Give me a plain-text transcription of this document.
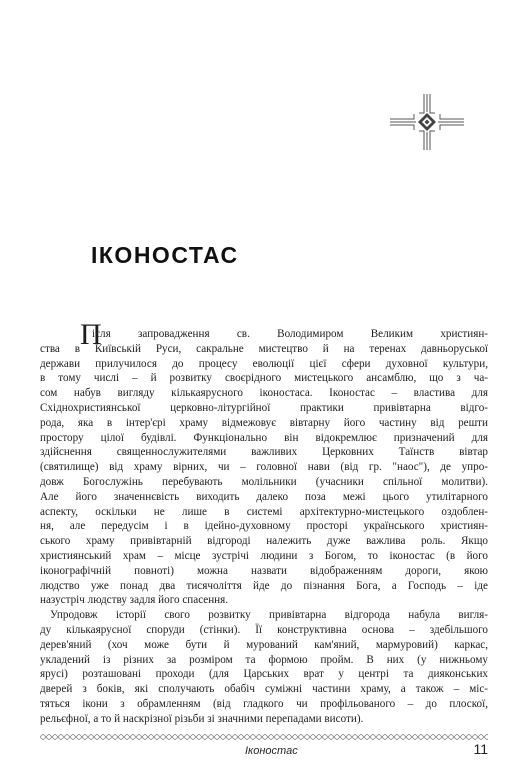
ІКОНОСТАС

П
ісля запровадження св. Володимиром Великим християн-
ства в Київській Руси, сакральне мистецтво й на теренах давньоруської
держави прилучилося до процесу еволюції цієї сфери духовної культури,
в тому числі – й розвитку своєрідного мистецького ансамблю, що з ча-
сом набув вигляду кількаярусного іконостаса. Іконостас – властива для
Східнохристиянської церковно-літургійної практики привівтарна відго-
рода, яка в інтер'єрі храму відмежовує вівтарну його частину від решти
простору цілої будівлі. Функціонально він відокремлює призначений для
здійснення священнослужителями важливих Церковних Таїнств вівтар
(святилище) від храму вірних, чи – головної нави (від гр. "наос"), де упро-
довж Богослужінь перебувають молільники (учасники спільної молитви).
Але його значеннєвість виходить далеко поза межі цього утилітарного
аспекту, оскільки не лише в системі архітектурно-мистецького оздоблен-
ня, але передусім і в ідейно-духовному просторі українського християн-
ського храму привівтарній відгороді належить дуже важлива роль. Якщо
християнський храм – місце зустрічі людини з Богом, то іконостас (в його
іконографічній повноті) можна назвати відображенням дороги, якою
людство уже понад два тисячоліття йде до пізнання Бога, а Господь – іде
назустріч людству задля його спасення.

Упродовж історії свого розвитку привівтарна відгорода набула вигля-
ду кількаярусної споруди (стінки). Її конструктивна основа – здебільшого
дерев'яний (хоч може бути й мурований кам'яний, мармуровий) каркас,
укладений із різних за розміром та формою пройм. В них (у нижньому
ярусі) розташовані проходи (для Царських врат у центрі та дияконських
дверей з боків, які сполучають обабіч суміжні частини храму, а також – міс-
тяться ікони з обрамленням (від гладкого чи профільованого – до плоскої,
рельєфної, а то й наскрізної різьби зі значними перепадами висоти).

Іконостас	11
